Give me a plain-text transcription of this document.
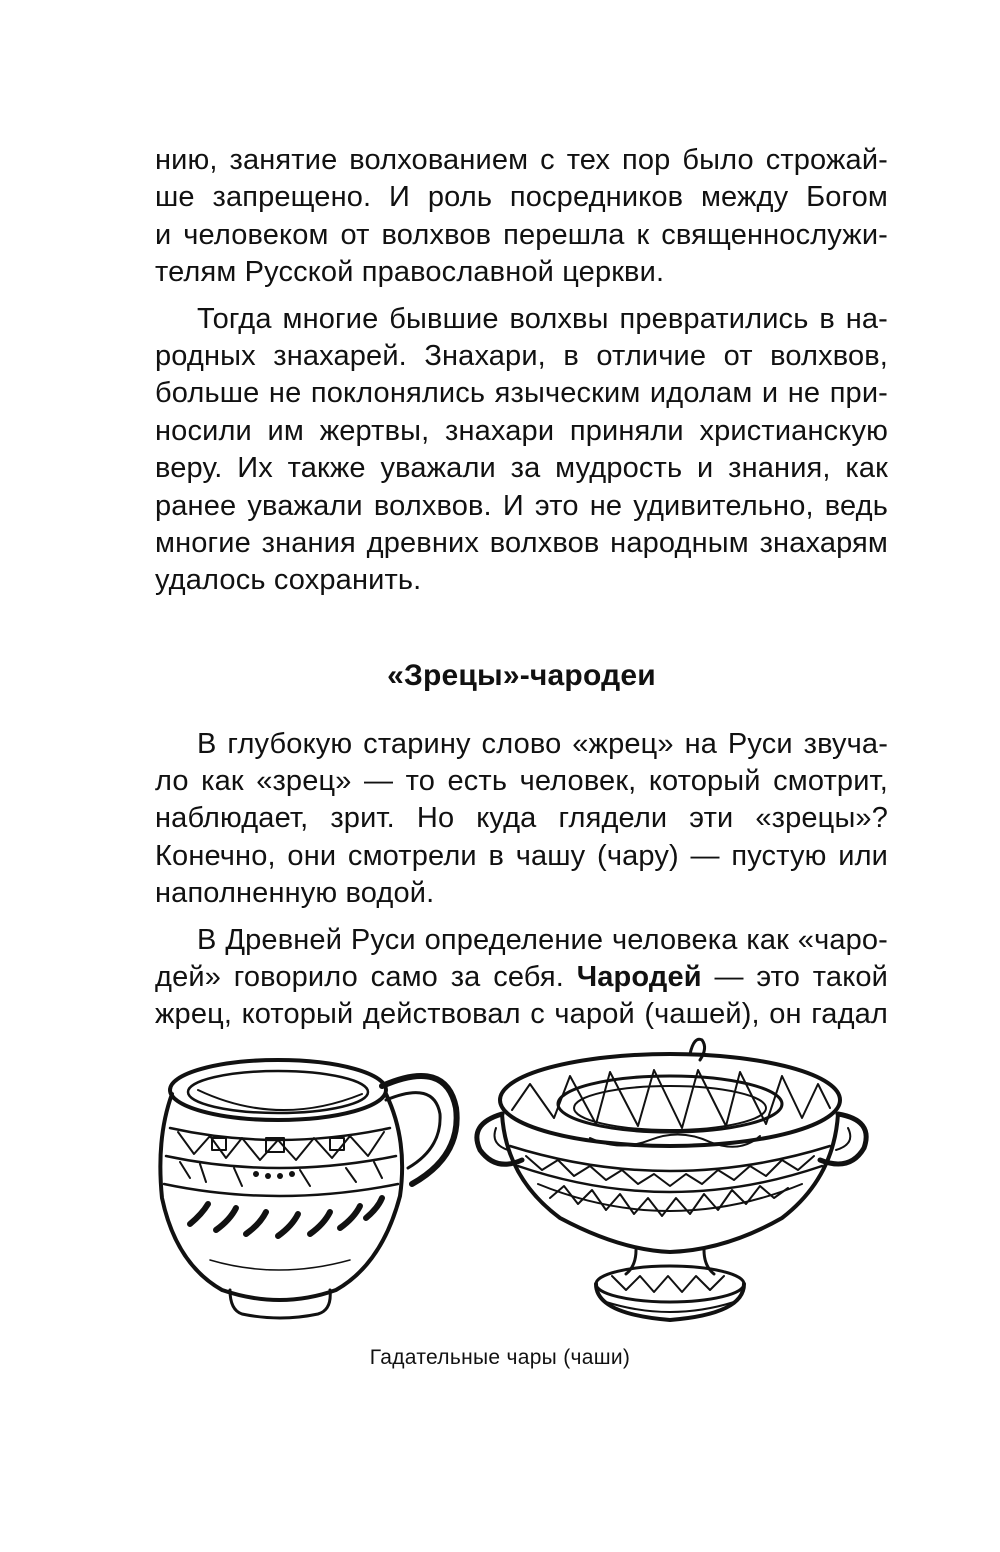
нию, занятие волхованием с тех пор было строжай-
ше запрещено. И роль посредников между Богом
и человеком от волхвов перешла к священнослужи-
телям Русской православной церкви.
Тогда многие бывшие волхвы превратились в на-
родных знахарей. Знахари, в отличие от волхвов,
больше не поклонялись языческим идолам и не при-
носили им жертвы, знахари приняли христианскую
веру. Их также уважали за мудрость и знания, как
ранее уважали волхвов. И это не удивительно, ведь
многие знания древних волхвов народным знахарям
удалось сохранить.
«Зрецы»-чародеи
В глубокую старину слово «жрец» на Руси звуча-
ло как «зрец» — то есть человек, который смотрит,
наблюдает, зрит. Но куда глядели эти «зрецы»?
Конечно, они смотрели в чашу (чару) — пустую или
наполненную водой.
В Древней Руси определение человека как «чаро-
дей» говорило само за себя. Чародей — это такой
жрец, который действовал с чарой (чашей), он гадал
Гадательные чары (чаши)
